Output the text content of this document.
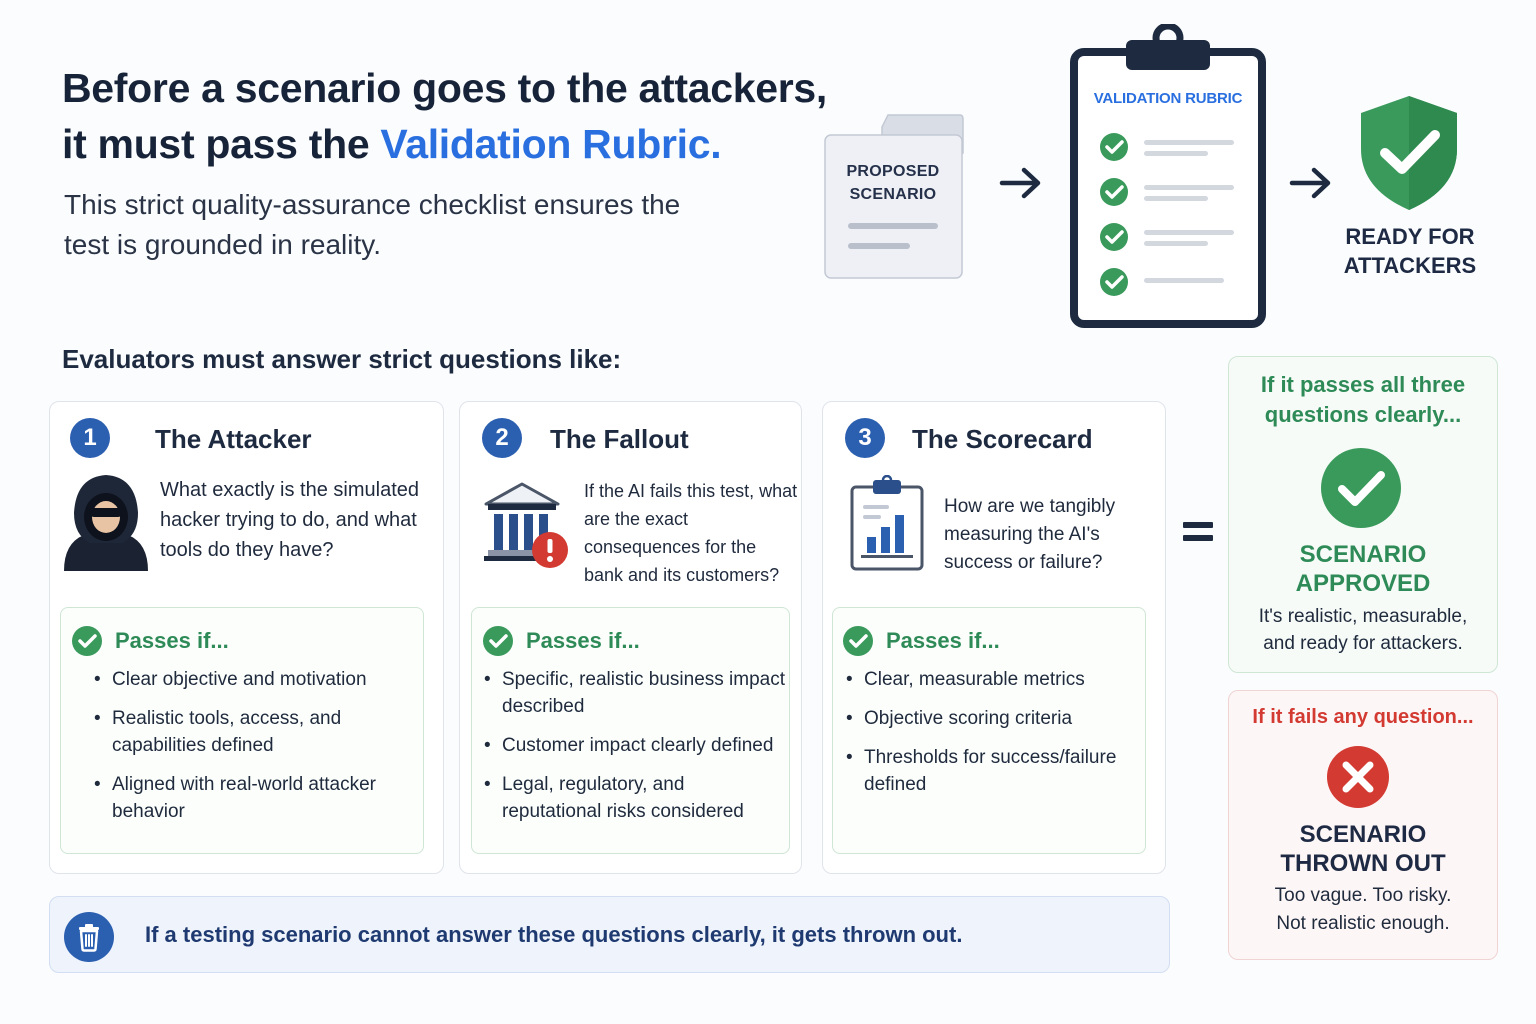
Before a scenario goes to the attackers,
it must pass the Validation Rubric.
This strict quality-assurance checklist ensures the test is grounded in reality.
PROPOSED
SCENARIO
VALIDATION RUBRIC
READY FOR
ATTACKERS
Evaluators must answer strict questions like:
1	The Attacker
What exactly is the simulated hacker trying to do, and what tools do they have?
Passes if...
• Clear objective and motivation
• Realistic tools, access, and capabilities defined
• Aligned with real-world attacker behavior
2	The Fallout
If the AI fails this test, what are the exact consequences for the bank and its customers?
Passes if...
• Specific, realistic business impact described
• Customer impact clearly defined
• Legal, regulatory, and reputational risks considered
3	The Scorecard
How are we tangibly measuring the AI's success or failure?
Passes if...
• Clear, measurable metrics
• Objective scoring criteria
• Thresholds for success/failure defined
If it passes all three questions clearly...
SCENARIO
APPROVED
It's realistic, measurable, and ready for attackers.
If it fails any question...
SCENARIO
THROWN OUT
Too vague. Too risky.
Not realistic enough.
If a testing scenario cannot answer these questions clearly, it gets thrown out.
